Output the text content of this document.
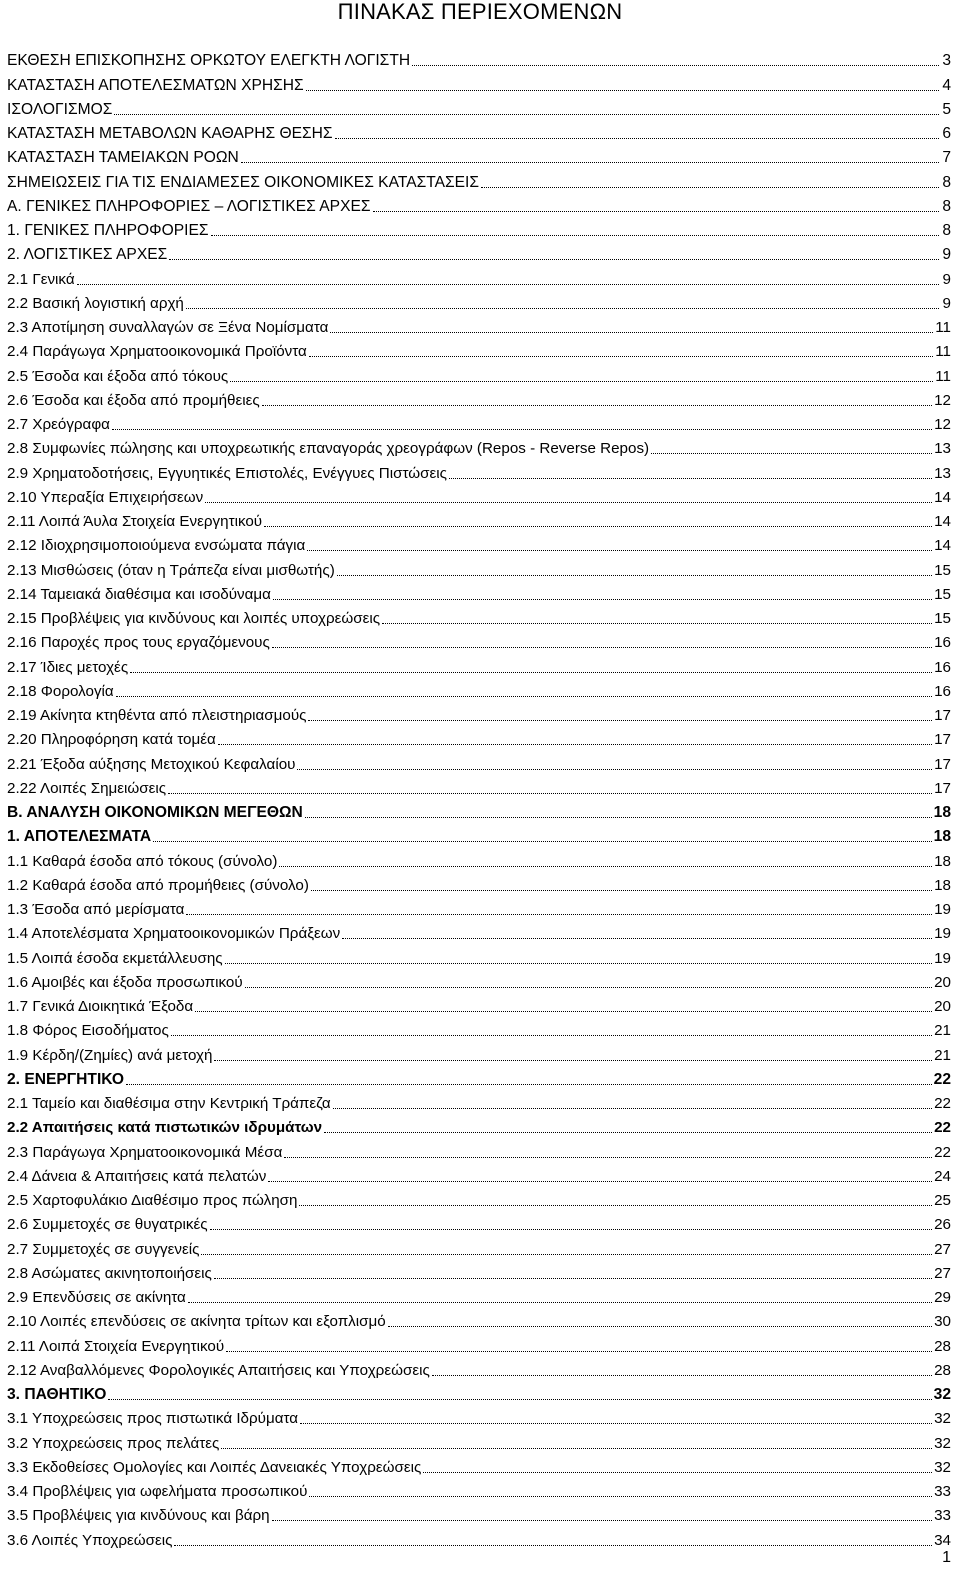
ΠΙΝΑΚΑΣ ΠΕΡΙΕΧΟΜΕΝΩΝ
ΕΚΘΕΣΗ ΕΠΙΣΚΟΠΗΣΗΣ ΟΡΚΩΤΟΥ ΕΛΕΓΚΤΗ ΛΟΓΙΣΤΗ	3
ΚΑΤΑΣΤΑΣΗ ΑΠΟΤΕΛΕΣΜΑΤΩΝ ΧΡΗΣΗΣ	4
ΙΣΟΛΟΓΙΣΜΟΣ	5
ΚΑΤΑΣΤΑΣΗ ΜΕΤΑΒΟΛΩΝ ΚΑΘΑΡΗΣ ΘΕΣΗΣ	6
ΚΑΤΑΣΤΑΣΗ ΤΑΜΕΙΑΚΩΝ ΡΟΩΝ	7
ΣΗΜΕΙΩΣΕΙΣ ΓΙΑ ΤΙΣ ΕΝΔΙΑΜΕΣΕΣ ΟΙΚΟΝΟΜΙΚΕΣ ΚΑΤΑΣΤΑΣΕΙΣ	8
Α. ΓΕΝΙΚΕΣ ΠΛΗΡΟΦΟΡΙΕΣ – ΛΟΓΙΣΤΙΚΕΣ ΑΡΧΕΣ	8
1. ΓΕΝΙΚΕΣ ΠΛΗΡΟΦΟΡΙΕΣ	8
2. ΛΟΓΙΣΤΙΚΕΣ ΑΡΧΕΣ	9
2.1 Γενικά	9
2.2 Βασική λογιστική αρχή	9
2.3 Αποτίμηση συναλλαγών σε Ξένα Νομίσματα	11
2.4 Παράγωγα Χρηματοοικονομικά Προϊόντα	11
2.5 Έσοδα και έξοδα από τόκους	11
2.6 Έσοδα και έξοδα από προμήθειες	12
2.7 Χρεόγραφα	12
2.8 Συμφωνίες πώλησης και υποχρεωτικής επαναγοράς χρεογράφων (Repos - Reverse Repos)	13
2.9 Χρηματοδοτήσεις, Εγγυητικές Επιστολές, Ενέγγυες Πιστώσεις	13
2.10 Υπεραξία Επιχειρήσεων	14
2.11 Λοιπά Άυλα Στοιχεία Ενεργητικού	14
2.12 Ιδιοχρησιμοποιούμενα ενσώματα πάγια	14
2.13 Μισθώσεις (όταν η Τράπεζα είναι μισθωτής)	15
2.14 Ταμειακά διαθέσιμα και ισοδύναμα	15
2.15 Προβλέψεις για κινδύνους και λοιπές υποχρεώσεις	15
2.16 Παροχές προς τους εργαζόμενους	16
2.17 Ίδιες μετοχές	16
2.18 Φορολογία	16
2.19 Ακίνητα κτηθέντα από πλειστηριασμούς	17
2.20 Πληροφόρηση κατά τομέα	17
2.21 Έξοδα αύξησης Μετοχικού Κεφαλαίου	17
2.22 Λοιπές Σημειώσεις	17
Β. ΑΝΑΛΥΣΗ ΟΙΚΟΝΟΜΙΚΩΝ ΜΕΓΕΘΩΝ	18
1. ΑΠΟΤΕΛΕΣΜΑΤΑ	18
1.1 Καθαρά έσοδα από τόκους (σύνολο)	18
1.2 Καθαρά έσοδα από προμήθειες (σύνολο)	18
1.3 Έσοδα από μερίσματα	19
1.4 Αποτελέσματα Χρηματοοικονομικών Πράξεων	19
1.5 Λοιπά έσοδα εκμετάλλευσης	19
1.6 Αμοιβές και έξοδα προσωπικού	20
1.7 Γενικά Διοικητικά Έξοδα	20
1.8 Φόρος Εισοδήματος	21
1.9 Κέρδη/(Ζημίες) ανά μετοχή	21
2. ΕΝΕΡΓΗΤΙΚΟ	22
2.1 Ταμείο και διαθέσιμα στην Κεντρική Τράπεζα	22
2.2 Απαιτήσεις κατά πιστωτικών ιδρυμάτων	22
2.3 Παράγωγα Χρηματοοικονομικά Μέσα	22
2.4 Δάνεια & Απαιτήσεις κατά πελατών	24
2.5 Χαρτοφυλάκιο Διαθέσιμο προς πώληση	25
2.6 Συμμετοχές σε θυγατρικές	26
2.7 Συμμετοχές σε συγγενείς	27
2.8 Ασώματες ακινητοποιήσεις	27
2.9 Επενδύσεις σε ακίνητα	29
2.10 Λοιπές επενδύσεις σε ακίνητα τρίτων και εξοπλισμό	30
2.11 Λοιπά Στοιχεία Ενεργητικού	28
2.12 Αναβαλλόμενες Φορολογικές Απαιτήσεις και Υποχρεώσεις	28
3. ΠΑΘΗΤΙΚΟ	32
3.1 Υποχρεώσεις προς πιστωτικά Ιδρύματα	32
3.2 Υποχρεώσεις προς πελάτες	32
3.3 Εκδοθείσες Ομολογίες και Λοιπές Δανειακές Υποχρεώσεις	32
3.4 Προβλέψεις για ωφελήματα προσωπικού	33
3.5 Προβλέψεις για κινδύνους και βάρη	33
3.6 Λοιπές Υποχρεώσεις	34
1
